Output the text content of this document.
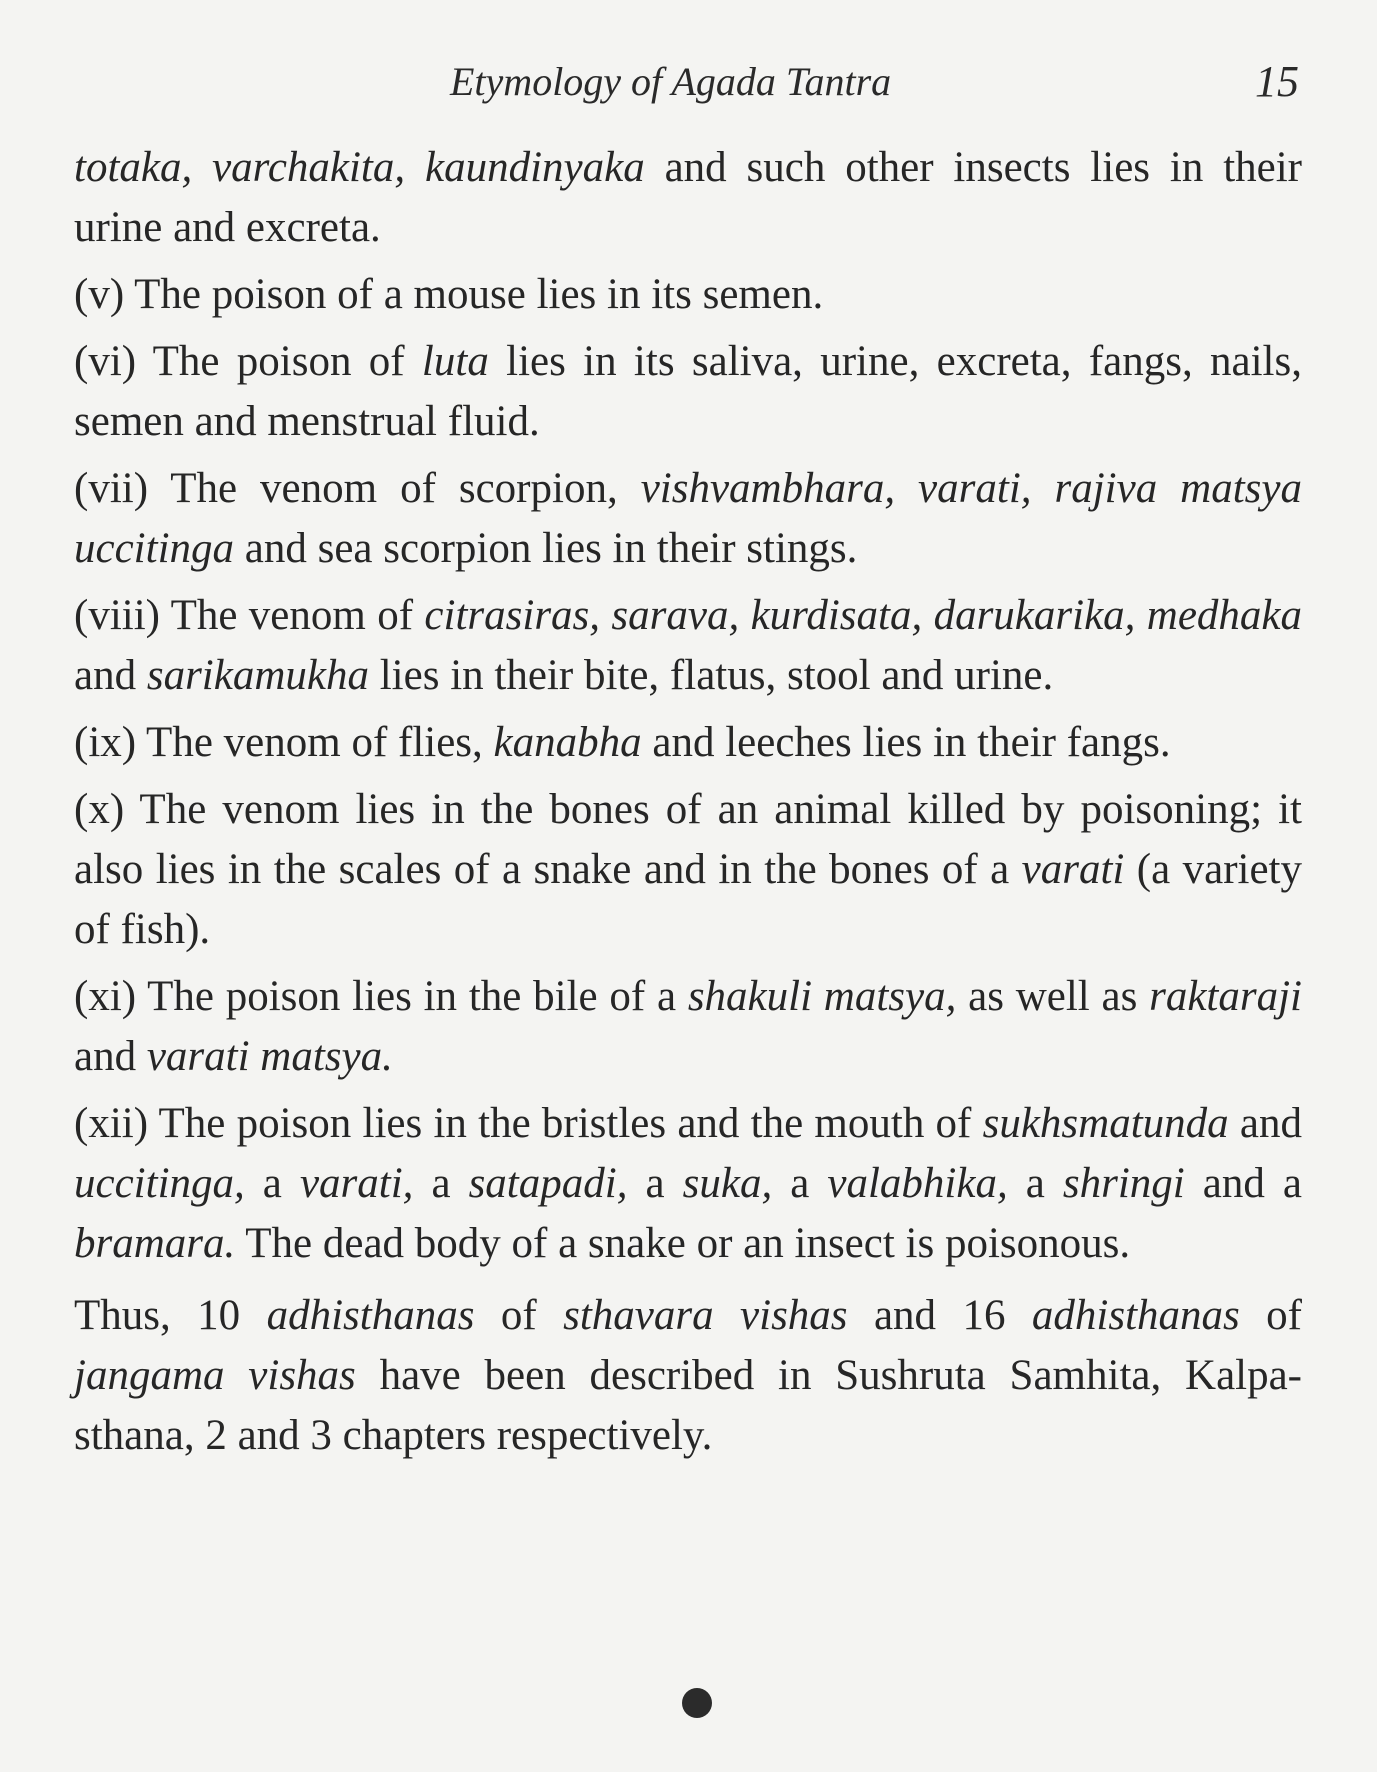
Etymology of Agada Tantra	15

totaka, varchakita, kaundinyaka and such other insects lies in their urine and excreta.

(v) The poison of a mouse lies in its semen.

(vi) The poison of luta lies in its saliva, urine, excreta, fangs, nails, semen and menstrual fluid.

(vii) The venom of scorpion, vishvambhara, varati, rajiva matsya uccitinga and sea scorpion lies in their stings.

(viii) The venom of citrasiras, sarava, kurdisata, darukarika, medhaka and sarikamukha lies in their bite, flatus, stool and urine.

(ix) The venom of flies, kanabha and leeches lies in their fangs.

(x) The venom lies in the bones of an animal killed by poisoning; it also lies in the scales of a snake and in the bones of a varati (a variety of fish).

(xi) The poison lies in the bile of a shakuli matsya, as well as raktaraji and varati matsya.

(xii) The poison lies in the bristles and the mouth of sukhsmatunda and uccitinga, a varati, a satapadi, a suka, a valabhika, a shringi and a bramara. The dead body of a snake or an insect is poisonous.

Thus, 10 adhisthanas of sthavara vishas and 16 adhisthanas of jangama vishas have been described in Sushruta Samhita, Kalpa-sthana, 2 and 3 chapters respectively.
